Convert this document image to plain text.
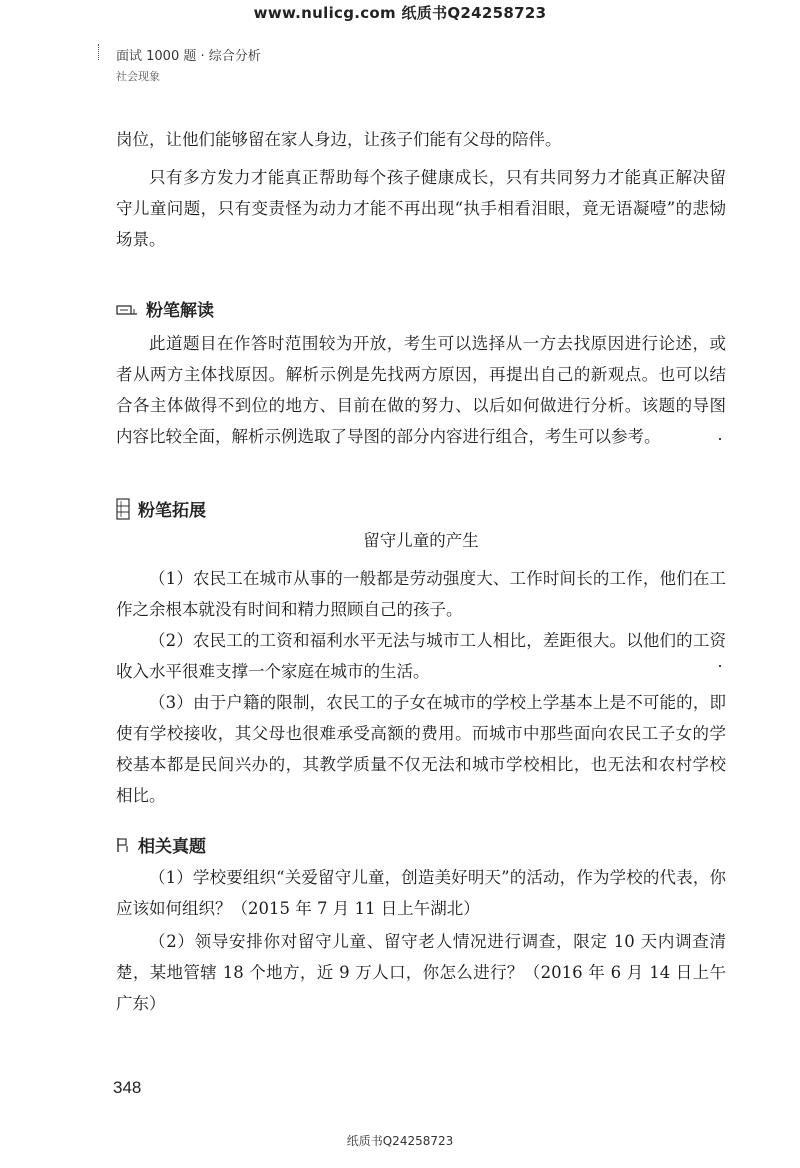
www.nulicg.com 纸质书Q24258723
面试 1000 题 · 综合分析
社会现象

岗位，让他们能够留在家人身边，让孩子们能有父母的陪伴。

只有多方发力才能真正帮助每个孩子健康成长，只有共同努力才能真正解决留守儿童问题，只有变责怪为动力才能不再出现“执手相看泪眼，竟无语凝噎”的悲恸场景。

粉笔解读

此道题目在作答时范围较为开放，考生可以选择从一方去找原因进行论述，或者从两方主体找原因。解析示例是先找两方原因，再提出自己的新观点。也可以结合各主体做得不到位的地方、目前在做的努力、以后如何做进行分析。该题的导图内容比较全面，解析示例选取了导图的部分内容进行组合，考生可以参考。

粉笔拓展
留守儿童的产生

（1）农民工在城市从事的一般都是劳动强度大、工作时间长的工作，他们在工作之余根本就没有时间和精力照顾自己的孩子。

（2）农民工的工资和福利水平无法与城市工人相比，差距很大。以他们的工资收入水平很难支撑一个家庭在城市的生活。

（3）由于户籍的限制，农民工的子女在城市的学校上学基本上是不可能的，即使有学校接收，其父母也很难承受高额的费用。而城市中那些面向农民工子女的学校基本都是民间兴办的，其教学质量不仅无法和城市学校相比，也无法和农村学校相比。

相关真题

（1）学校要组织“关爱留守儿童，创造美好明天”的活动，作为学校的代表，你应该如何组织？（2015 年 7 月 11 日上午湖北）

（2）领导安排你对留守儿童、留守老人情况进行调查，限定 10 天内调查清楚，某地管辖 18 个地方，近 9 万人口，你怎么进行？（2016 年 6 月 14 日上午广东）

348
纸质书Q24258723
